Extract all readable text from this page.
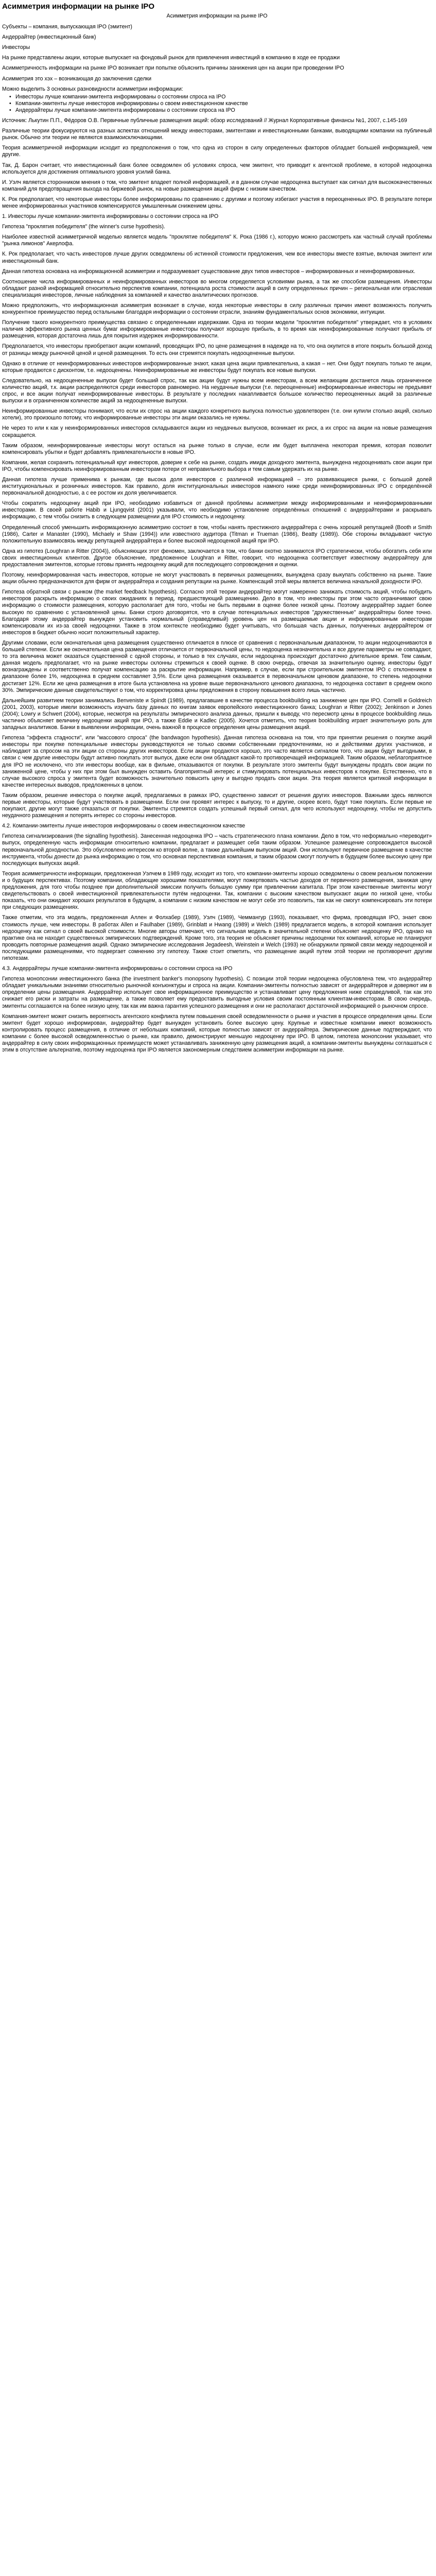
Асимметрия информации на рынке IPO
Асимметрия информации на рынке IPO
Субъекты – компания, выпускающая IPO (эмитент)
Андеррайтер (инвестиционный банк)
Инвесторы
На рынке представлены акции, которые выпускает на фондовый рынок для привлечения инвестиций в компанию в ходе ее продажи
Асимметричность информации на рынке IPO возникает при попытке объяснить причины занижения цен на акции при проведении IPO
Асимметрия это хэх – возникающая до заключения сделки
Можно выделить 3 основных разновидности асимметрии информации:
• Инвесторы лучше компании-эмитента информированы о состоянии спроса на IPO
• Компании-эмитенты лучше инвесторов информированы о своем инвестиционном качестве
• Андеррайтеры лучше компании-эмитента информированы о состоянии спроса на IPO
Источник: Лькутин П.П., Фёдоров О.В. Первичные публичные размещения акций: обзор исследований // Журнал Корпоративные финансы №1, 2007, с.145-169
Различные теории фокусируются на разных аспектах отношений между инвесторами, эмитентами и инвестиционными банками, выводящими компании на публичный рынок. Обычно эти теории не являются взаимоисключающими.
Теория асимметричной информации исходит из предположения о том, что одна из сторон в силу определенных факторов обладает большей информацией, чем другие.
Так, Д. Барон считает, что инвестиционный банк более осведомлен об условиях спроса, чем эмитент, что приводит к агентской проблеме, в которой недооценка используется для достижения оптимального уровня усилий банка.
И. Уэлч является сторонником мнения о том, что эмитент владеет полной информацией, и в данном случае недооценка выступает как сигнал для высококачественных компаний для предотвращения выхода на биржевой рынок, на новые размещения акций фирм с низким качеством.
К. Рок предполагает, что некоторые инвесторы более информированы по сравнению с другими и поэтому избегают участия в переоцененных IPO. В результате потери менее информированных участников компенсируются умышленным снижением цены.
1. Инвесторы лучше компании-эмитента информированы о состоянии спроса на IPO
Гипотеза "проклятия победителя" (the winner's curse hypothesis).
Наиболее известной асимметричной моделью является модель "проклятие победителя" К. Рока (1986 г.), которую можно рассмотреть как частный случай проблемы "рынка лимонов" Акерлофа.
К. Рок предполагает, что часть инвесторов лучше других осведомлены об истинной стоимости предложения, чем все инвесторы вместе взятые, включая эмитент или инвестиционный банк.
Данная гипотеза основана на информационной асимметрии и подразумевает существование двух типов инвесторов – информированных и неинформированных.
Соотношение числа информированных и неинформированных инвесторов во многом определяется условиями рынка, а так же способом размещения. Инвесторы обладают разной информацией относительно перспектив компании, потенциала роста стоимости акций в силу определенных причин – региональная или отраслевая специализация инвесторов, личные наблюдения за компанией и качество аналитических прогнозов.
Можно предположить, что информационная асимметрия возникает в случае, когда некоторые инвесторы в силу различных причин имеют возможность получить конкурентное преимущество перед остальными благодаря информации о состоянии отрасли, знаниям фундаментальных основ экономики, интуиции.
Получение такого конкурентного преимущества связано с определенными издержками. Одна из теории модели "проклятия победителя" утверждает, что в условиях наличия эффективного рынка ценных бумаг информированные инвесторы получают хорошую прибыль, в то время как неинформированные получают прибыль от размещения, которая достаточна лишь для покрытия издержек информированности.
Предполагается, что инвесторы приобретают акции компаний, проводящих IPO, по цене размещения в надежде на то, что она окупится в итоге покрыть большой доход от разницы между рыночной ценой и ценой размещения. То есть они стремятся покупать недооцененные выпуски.
Однако в отличие от неинформированных инвесторов информированные знают, какая цена акции привлекательна, а какая – нет. Они будут покупать только те акции, которые продаются с дисконтом, т.е. недооценены. Неинформированные же инвесторы будут покупать все новые выпуски.
Следовательно, на недооцененные выпуски будет больший спрос, так как акции будут нужны всем инвесторам, а всем желающим достанется лишь ограниченное количество акций, т.к. акции распределяются среди инвесторов равномерно. На неудачные выпуски (т.е. переоцененные) информированные инвесторы не предъявят спрос, и все акции получат неинформированные инвесторы. В результате у последних накапливается большое количество переоцененных акций за различные выпуски и в ограниченном количестве акций за недооцененные выпуски.
Неинформированные инвесторы понимают, что если их спрос на акции каждого конкретного выпуска полностью удовлетворен (т.е. они купили столько акций, сколько хотели), это произошло потому, что информированные инвесторы эти акции оказались не нужны.
Не через то или к как у неинформированных инвесторов складываются акции из неудачных выпусков, возникает их риск, а их спрос на акции на новые размещения сокращается.
Таким образом, неинформированные инвесторы могут остаться на рынке только в случае, если им будет выплачена некоторая премия, которая позволит компенсировать убытки и будет добавлять привлекательности в новые IPO.
Компании, желая сохранить потенциальный круг инвесторов, доверие к себе на рынке, создать имидж доходного эмитента, вынуждена недооценивать свои акции при IPO, чтобы компенсировать неинформированным инвесторам потери от неправильного выбора и тем самым удержать их на рынке.
Данная гипотеза лучше применима к рынкам, где высока доля инвесторов с различной информацией – это развивающиеся рынки, с большой долей институциональных и розничных инвесторов. Как правило, доля институциональных инвесторов намного ниже среди неинформированных IPO с определённой первоначальной доходностью, а с ее ростом их доля увеличивается.
Чтобы сократить недооценку акций при IPO, необходимо избавиться от данной проблемы асимметрии между информированными и неинформированными инвесторами. В своей работе Habib и Ljungqvist (2001) указывали, что необходимо установление определённых отношений с андеррайтерами и раскрывать информацию, с тем чтобы снизить в следующем размещении для IPO стоимость и недооценку.
Определенный способ уменьшить информационную асимметрию состоит в том, чтобы нанять престижного андеррайтера с очень хорошей репутацией (Booth и Smith (1986), Carter и Manaster (1990), Michaely и Shaw (1994)) или известного аудитора (Titman и Trueman (1986), Beatty (1989)). Обе стороны вкладывают чистую положительную взаимосвязь между репутацией андеррайтера и более высокой недооценкой акций при IPO.
Одна из гипотез (Loughran и Ritter (2004)), объясняющих этот феномен, заключается в том, что банки охотно занимаются IPO стратегически, чтобы обогатить себя или своих инвестиционных клиентов. Другое объяснение, предложенное Loughran и Ritter, говорит, что недооценка соответствует известному андеррайтеру для предоставления эмитентов, которые готовы принять недооценку акций для последующего сопровождения и оценки.
Поэтому, неинформированная часть инвесторов, которые не могут участвовать в первичных размещениях, вынуждена сразу выкупать собственно на рынке. Такие акции обычно предназначаются для фирм от андеррайтера и создания репутации на рынке. Компенсаций этой меры является величина начальной доходности IPO.
Гипотеза обратной связи с рынком (the market feedback hypothesis). Согласно этой теории андеррайтер могут намеренно занижать стоимость акций, чтобы побудить инвесторов раскрыть информацию о своих ожиданиях в период, предшествующий размещению. Дело в том, что инвесторы при этом часто ограничивают свою информацию о стоимости размещения, которую располагает для того, чтобы не быть первыми в оценке более низкой цены. Поэтому андеррайтер задает более высокую по сравнению с установленной цены. Банки строго договорятся, что в случае потенциальных инвесторов "дружественные" андеррайтеры более точно. Благодаря этому андеррайтер вынужден установить нормальный (справедливый) уровень цен на размещаемые акции и информированным инвесторам компенсировали их из-за своей недооценки. Также в этом контексте необходимо будет учитывать, что большая часть данных, полученных андеррайтером от инвесторов в бюджет обычно носит положительный характер.
Другими словами, если окончательная цена размещения существенно отличается в плюсе от сравнения с первоначальным диапазоном, то акции недооцениваются в большей степени. Если же окончательная цена размещения отличается от первоначальной цены, то недооценка незначительна и все другие параметры не совпадают, то эта величина может оказаться существенной с одной стороны, и только в тех случаях, если недооценка происходит достаточно длительное время. Тем самым, данная модель предполагает, что на рынке инвесторы склонны стремиться к своей оценке. В свою очередь, отвечая за значительную оценку, инвесторы будут вознаграждены и соответственно получат компенсацию за раскрытие информации. Например, в случае, если при строительном эмитентом IPO с отклонением в диапазоне более 1%, недооценка в среднем составляет 3,5%. Если цена размещения оказывается в первоначальном ценовом диапазоне, то степень недооценки достигает 12%. Если же цена размещения в итоге была установлена на уровне выше первоначального ценового диапазона, то недооценка составит в среднем около 30%. Эмпирические данные свидетельствуют о том, что корректировка цены предложения в сторону повышения всего лишь частично.
Дальнейшим развитием теории занимались Benveniste и Spindt (1989), предлагавшие в качестве процесса bookbuilding на занижение цен при IPO. Cornelli и Goldreich (2001, 2003), которые имели возможность изучать базу данных по книгам заявок европейского инвестиционного банка; Loughran и Ritter (2002); Jenkinson и Jones (2004); Lowry и Schwert (2004), которые, несмотря на результаты эмпирического анализа данных, пришли к выводу, что пересмотр цены в процессе bookbuilding лишь частично объясняет величину недооценки акций при IPO, а также Eddie и Kadlec (2005). Хочется отметить, что теория bookbuilding играет значительную роль для западных аналитиков. Банки в выявлении информации, очень важной в процессе определения цены размещения акций.
Гипотеза "эффекта стадности", или "массового спроса" (the bandwagon hypothesis). Данная гипотеза основана на том, что при принятии решения о покупке акций инвесторы при покупке потенциальные инвесторы руководствуются не только своими собственными предпочтениями, но и действиями других участников, и наблюдают за спросом на эти акции со стороны других инвесторов. Если акции продаются хорошо, это часто является сигналом того, что акции будут выгодными, в связи с чем другие инвесторы будут активно покупать этот выпуск, даже если они обладают какой-то противоречащей информацией. Таким образом, неблагоприятное для IPO не исключено, что эти инвесторы вообще, как в фильме, отказываются от покупки. В результате этого эмитенты будут вынуждены продать свои акции по заниженной цене, чтобы у них при этом был вынужден оставить благоприятный интерес и стимулировать потенциальных инвесторов к покупке. Естественно, что в случае высокого спроса у эмитента будет возможность значительно повысить цену и выгодно продать свои акции. Эта теория является критикой информации в качестве интересных выводов, предложенных в целом.
Таким образом, решение инвестора о покупке акций, предлагаемых в рамках IPO, существенно зависит от решения других инвесторов. Важными здесь являются первые инвесторы, которые будут участвовать в размещении. Если они проявят интерес к выпуску, то и другие, скорее всего, будут тоже покупать. Если первые не покупают, другие могут также отказаться от покупки. Эмитенты стремятся создать успешный первый сигнал, для чего используют недооценку, чтобы не допустить неудачного размещения и потерять интерес со стороны инвесторов.
4.2. Компании-эмитенты лучше инвесторов информированы о своем инвестиционном качестве
Гипотеза сигнализирования (the signalling hypothesis). Занесенная недооценка IPO – часть стратегического плана компании. Дело в том, что неформально «переводит» выпуск, определенную часть информации относительно компании, предлагает и размещает себя таким образом. Успешное размещение сопровождается высокой первоначальной доходностью. Это обусловлено интересом ко второй волне, а также дальнейшим выпуском акций. Они используют первичное размещение в качестве инструмента, чтобы донести до рынка информацию о том, что основная перспективная компания, и таким образом смогут получить в будущем более высокую цену при последующих выпусках акций.
Теория асимметричности информации, предложенная Уэлчем в 1989 году, исходит из того, что компании-эмитенты хорошо осведомлены о своем реальном положении и о будущих перспективах. Поэтому компании, обладающие хорошими показателями, могут пожертвовать частью доходов от первичного размещения, занижая цену предложения, для того чтобы позднее при дополнительной эмиссии получить большую сумму при привлечении капитала. При этом качественные эмитенты могут свидетельствовать о своей инвестиционной привлекательности путём недооценки. Так, компании с высоким качеством выпускают акции по низкой цене, чтобы показать, что они ожидают хороших результатов в будущем, а компании с низким качеством не могут себе это позволить, так как не смогут компенсировать эти потери при следующих размещениях.
Также отметим, что эта модель, предложенная Аллен и Фолхабер (1989), Уэлч (1989), Чеммангур (1993), показывает, что фирма, проводящая IPO, знает свою стоимость лучше, чем инвесторы. В работах Allen и Faulhaber (1989), Grinblatt и Hwang (1989) и Welch (1989) предлагается модель, в которой компания использует недооценку как сигнал о своей высокой стоимости. Многие авторы отмечают, что сигнальная модель в значительной степени объясняет недооценку IPO, однако на практике она не находит существенных эмпирических подтверждений. Кроме того, эта теория не объясняет причины недооценки тех компаний, которые не планируют проводить повторные размещения акций. Однако эмпирические исследования Jegadeesh, Weinstein и Welch (1993) не обнаружили прямой связи между недооценкой и последующими размещениями, что подвергает сомнению эту гипотезу. Также стоит отметить, что размещение акций путем этой теории не противоречит другим гипотезам.
4.3. Андеррайтеры лучше компании-эмитента информированы о состоянии спроса на IPO
Гипотеза монопсонии инвестиционного банка (the investment banker's monopsony hypothesis). С позиции этой теории недооценка обусловлена тем, что андеррайтер обладает уникальными знаниями относительно рыночной конъюнктуры и спроса на акции. Компании-эмитенты полностью зависят от андеррайтеров и доверяют им в определении цены размещения. Андеррайтер использует свое информационное преимущество и устанавливает цену предложения ниже справедливой, так как это снижает его риски и затраты на размещение, а также позволяет ему предоставить выгодные условия своим постоянным клиентам-инвесторам. В свою очередь, эмитенты соглашаются на более низкую цену, так как им важна гарантия успешного размещения и они не располагают достаточной информацией о рыночном спросе.
Компания-эмитент может снизить вероятность агентского конфликта путем повышения своей осведомленности о рынке и участия в процессе определения цены. Если эмитент будет хорошо информирован, андеррайтер будет вынужден установить более высокую цену. Крупные и известные компании имеют возможность контролировать процесс размещения, в отличие от небольших компаний, которые полностью зависят от андеррайтера. Эмпирические данные подтверждают, что компании с более высокой осведомленностью о рынке, как правило, демонстрируют меньшую недооценку при IPO. В целом, гипотеза монопсонии указывает, что андеррайтер в силу своих информационных преимуществ может устанавливать заниженную цену размещения акций, а компании-эмитенты вынуждены соглашаться с этим в отсутствие альтернатив, поэтому недооценка при IPO является закономерным следствием асимметрии информации на рынке.
